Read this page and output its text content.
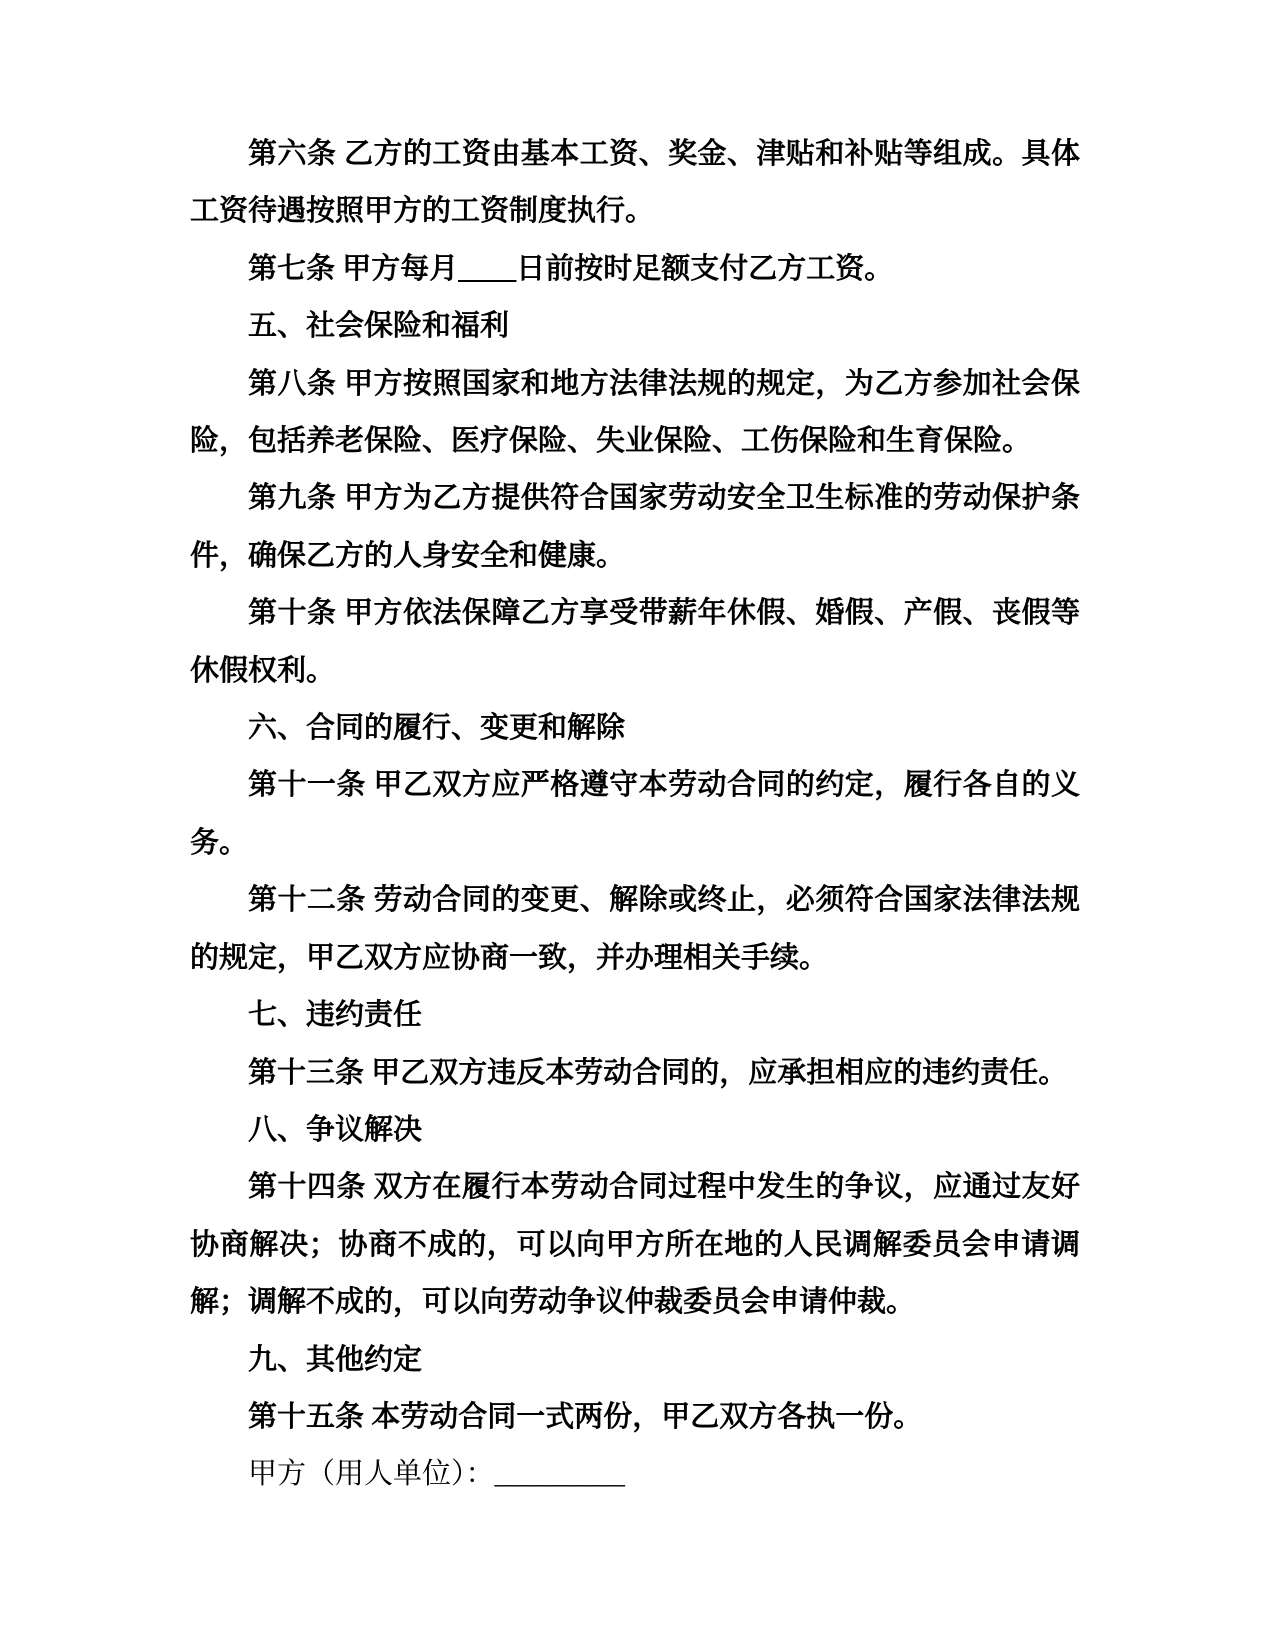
第六条 乙方的工资由基本工资、奖金、津贴和补贴等组成。具体工资待遇按照甲方的工资制度执行。

第七条 甲方每月____日前按时足额支付乙方工资。

五、社会保险和福利

第八条 甲方按照国家和地方法律法规的规定，为乙方参加社会保险，包括养老保险、医疗保险、失业保险、工伤保险和生育保险。

第九条 甲方为乙方提供符合国家劳动安全卫生标准的劳动保护条件，确保乙方的人身安全和健康。

第十条 甲方依法保障乙方享受带薪年休假、婚假、产假、丧假等休假权利。

六、合同的履行、变更和解除

第十一条 甲乙双方应严格遵守本劳动合同的约定，履行各自的义务。

第十二条 劳动合同的变更、解除或终止，必须符合国家法律法规的规定，甲乙双方应协商一致，并办理相关手续。

七、违约责任

第十三条 甲乙双方违反本劳动合同的，应承担相应的违约责任。

八、争议解决

第十四条 双方在履行本劳动合同过程中发生的争议，应通过友好协商解决；协商不成的，可以向甲方所在地的人民调解委员会申请调解；调解不成的，可以向劳动争议仲裁委员会申请仲裁。

九、其他约定

第十五条 本劳动合同一式两份，甲乙双方各执一份。

甲方（用人单位）：_________
